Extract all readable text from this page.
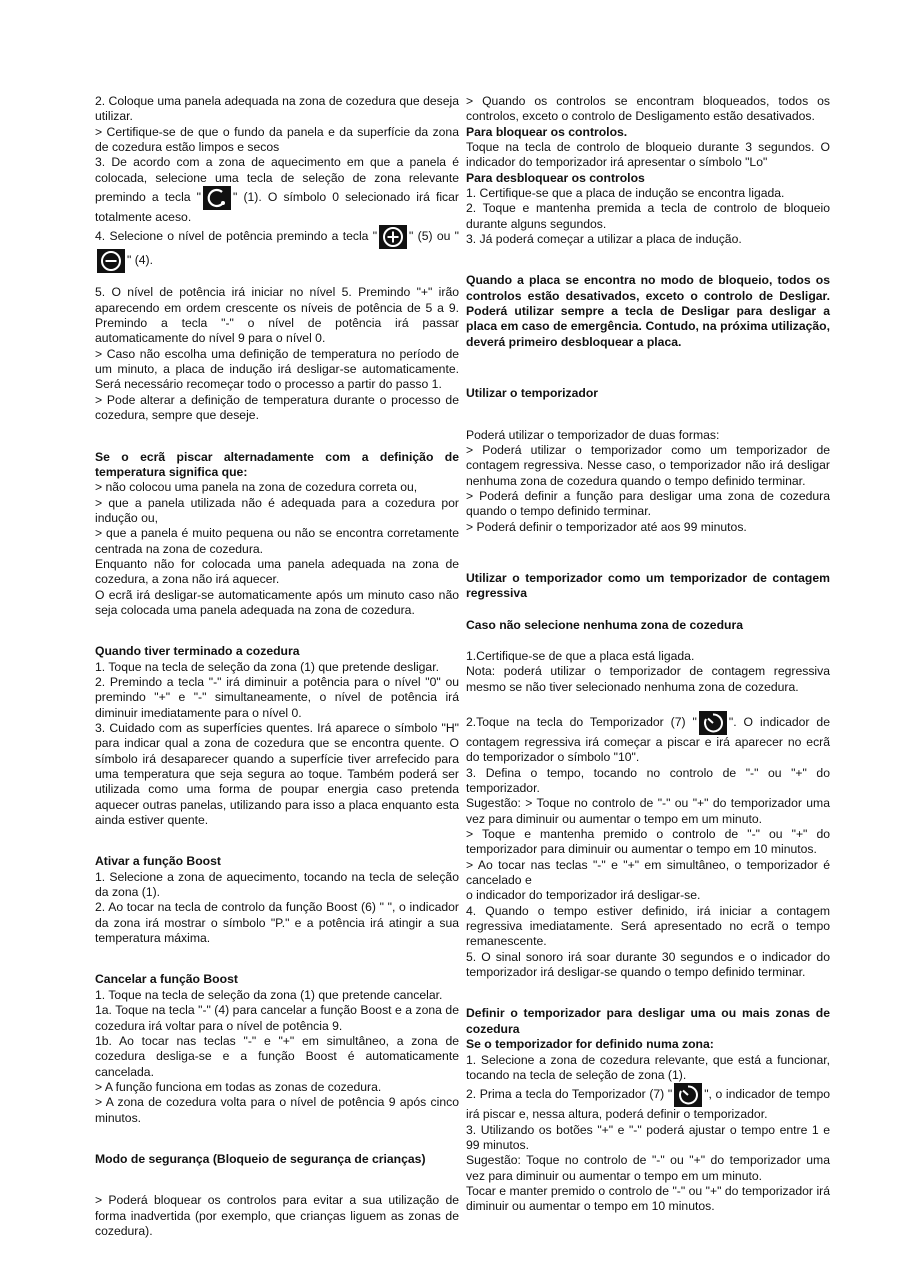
2. Coloque uma panela adequada na zona de cozedura que deseja utilizar.

> Certifique-se de que o fundo da panela e da superfície da zona de cozedura estão limpos e secos

3. De acordo com a zona de aquecimento em que a panela é colocada, selecione uma tecla de seleção de zona relevante premindo a tecla "	" (1). O símbolo 0 selecionado irá ficar totalmente aceso.

4. Selecione o nível de potência premindo a tecla "	" (5) ou "
" (4).

5. O nível de potência irá iniciar no nível 5. Premindo "+" irão aparecendo em ordem crescente os níveis de potência de 5 a 9. Premindo a tecla "-" o nível de potência irá passar automaticamente do nível 9 para o nível 0.

> Caso não escolha uma definição de temperatura no período de um minuto, a placa de indução irá desligar-se automaticamente. Será necessário recomeçar todo o processo a partir do passo 1.

> Pode alterar a definição de temperatura durante o processo de cozedura, sempre que deseje.

Se o ecrã piscar alternadamente com a definição de temperatura significa que:

> não colocou uma panela na zona de cozedura correta ou,

> que a panela utilizada não é adequada para a cozedura por indução ou,

> que a panela é muito pequena ou não se encontra corretamente centrada na zona de cozedura.

Enquanto não for colocada uma panela adequada na zona de cozedura, a zona não irá aquecer.

O ecrã irá desligar-se automaticamente após um minuto caso não seja colocada uma panela adequada na zona de cozedura.

Quando tiver terminado a cozedura

1. Toque na tecla de seleção da zona (1) que pretende desligar.

2. Premindo a tecla "-" irá diminuir a potência para o nível "0" ou premindo "+" e "-" simultaneamente, o nível de potência irá diminuir imediatamente para o nível 0.

3. Cuidado com as superfícies quentes. Irá aparece o símbolo "H" para indicar qual a zona de cozedura que se encontra quente. O símbolo irá desaparecer quando a superfície tiver arrefecido para uma temperatura que seja segura ao toque. Também poderá ser utilizada como uma forma de poupar energia caso pretenda aquecer outras panelas, utilizando para isso a placa enquanto esta ainda estiver quente.

Ativar a função Boost

1. Selecione a zona de aquecimento, tocando na tecla de seleção da zona (1).

2. Ao tocar na tecla de controlo da função Boost (6) " ", o indicador da zona irá mostrar o símbolo "P." e a potência irá atingir a sua temperatura máxima.

Cancelar a função Boost

1. Toque na tecla de seleção da zona (1) que pretende cancelar.

1a. Toque na tecla "-" (4) para cancelar a função Boost e a zona de cozedura irá voltar para o nível de potência 9.

1b. Ao tocar nas teclas "-" e "+" em simultâneo, a zona de cozedura desliga-se e a função Boost é automaticamente cancelada.

> A função funciona em todas as zonas de cozedura.

> A zona de cozedura volta para o nível de potência 9 após cinco minutos.

Modo de segurança (Bloqueio de segurança de crianças)

> Poderá bloquear os controlos para evitar a sua utilização de forma inadvertida (por exemplo, que crianças liguem as zonas de cozedura).

> Quando os controlos se encontram bloqueados, todos os controlos, exceto o controlo de Desligamento estão desativados.

Para bloquear os controlos.

Toque na tecla de controlo de bloqueio durante 3 segundos. O indicador do temporizador irá apresentar o símbolo "Lo"

Para desbloquear os controlos

1. Certifique-se que a placa de indução se encontra ligada.

2. Toque e mantenha premida a tecla de controlo de bloqueio durante alguns segundos.

3. Já poderá começar a utilizar a placa de indução.

Quando a placa se encontra no modo de bloqueio, todos os controlos estão desativados, exceto o controlo de Desligar. Poderá utilizar sempre a tecla de Desligar para desligar a placa em caso de emergência. Contudo, na próxima utilização, deverá primeiro desbloquear a placa.

Utilizar o temporizador

Poderá utilizar o temporizador de duas formas:

> Poderá utilizar o temporizador como um temporizador de contagem regressiva. Nesse caso, o temporizador não irá desligar nenhuma zona de cozedura quando o tempo definido terminar.

> Poderá definir a função para desligar uma zona de cozedura quando o tempo definido terminar.

> Poderá definir o temporizador até aos 99 minutos.

Utilizar o temporizador como um temporizador de contagem regressiva

Caso não selecione nenhuma zona de cozedura

1.Certifique-se de que a placa está ligada.

Nota: poderá utilizar o temporizador de contagem regressiva mesmo se não tiver selecionado nenhuma zona de cozedura.

2.Toque na tecla do Temporizador (7) "	". O indicador de contagem regressiva irá começar a piscar e irá aparecer no ecrã do temporizador o símbolo "10".

3. Defina o tempo, tocando no controlo de "-" ou "+" do temporizador.

Sugestão: > Toque no controlo de "-" ou "+" do temporizador uma vez para diminuir ou aumentar o tempo em um minuto.

> Toque e mantenha premido o controlo de "-" ou "+" do temporizador para diminuir ou aumentar o tempo em 10 minutos.

> Ao tocar nas teclas "-" e "+" em simultâneo, o temporizador é cancelado e

o indicador do temporizador irá desligar-se.

4. Quando o tempo estiver definido, irá iniciar a contagem regressiva imediatamente. Será apresentado no ecrã o tempo remanescente.

5. O sinal sonoro irá soar durante 30 segundos e o indicador do temporizador irá desligar-se quando o tempo definido terminar.

Definir o temporizador para desligar uma ou mais zonas de cozedura

Se o temporizador for definido numa zona:

1. Selecione a zona de cozedura relevante, que está a funcionar, tocando na tecla de seleção de zona (1).

2. Prima a tecla do Temporizador (7) "	", o indicador de tempo irá piscar e, nessa altura, poderá definir o temporizador.

3. Utilizando os botões "+" e "-" poderá ajustar o tempo entre 1 e 99 minutos.

Sugestão: Toque no controlo de "-" ou "+" do temporizador uma vez para diminuir ou aumentar o tempo em um minuto.

Tocar e manter premido o controlo de "-" ou "+" do temporizador irá diminuir ou aumentar o tempo em 10 minutos.
